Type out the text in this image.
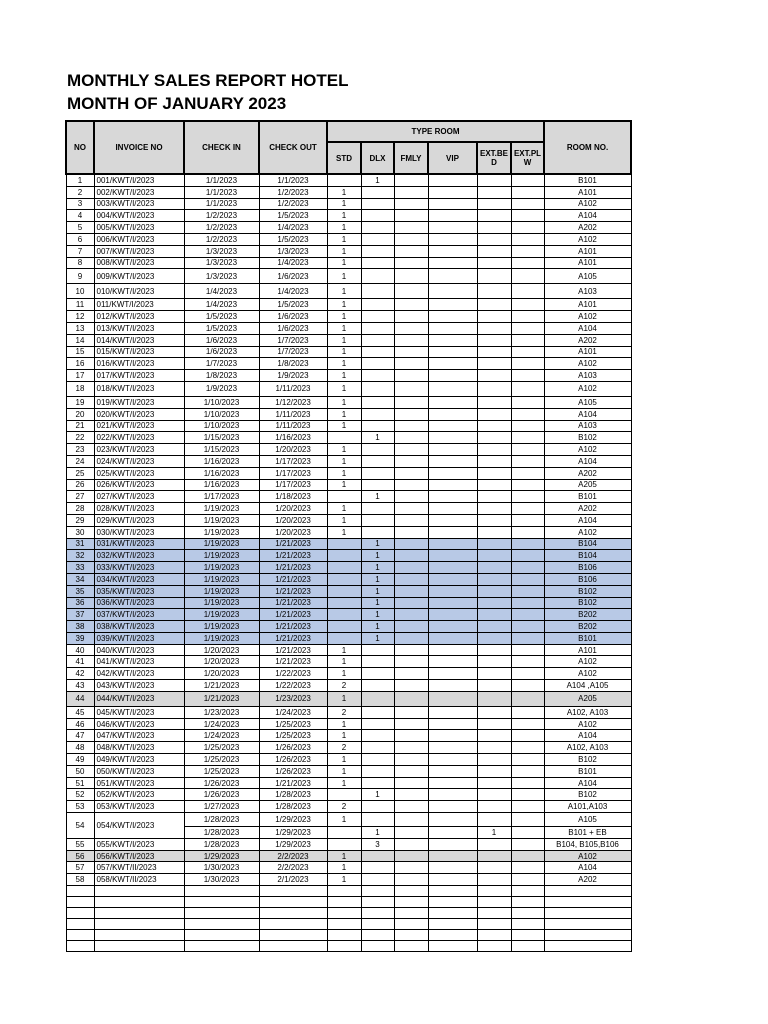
MONTHLY SALES REPORT HOTEL
MONTH OF JANUARY 2023
NO	INVOICE NO	CHECK IN	CHECK OUT	TYPE ROOM						ROOM NO.
				STD	DLX	FMLY	VIP	EXT.BE D	EXT.PL W	
1	001/KWT/I/2023	1/1/2023	1/1/2023		1					B101
2	002/KWT/I/2023	1/1/2023	1/2/2023	1						A101
3	003/KWT/I/2023	1/1/2023	1/2/2023	1						A102
4	004/KWT/I/2023	1/2/2023	1/5/2023	1						A104
5	005/KWT/I/2023	1/2/2023	1/4/2023	1						A202
6	006/KWT/I/2023	1/2/2023	1/5/2023	1						A102
7	007/KWT/I/2023	1/3/2023	1/3/2023	1						A101
8	008/KWT/I/2023	1/3/2023	1/4/2023	1						A101
9	009/KWT/I/2023	1/3/2023	1/6/2023	1						A105
10	010/KWT/I/2023	1/4/2023	1/4/2023	1						A103
11	011/KWT/I/2023	1/4/2023	1/5/2023	1						A101
12	012/KWT/I/2023	1/5/2023	1/6/2023	1						A102
13	013/KWT/I/2023	1/5/2023	1/6/2023	1						A104
14	014/KWT/I/2023	1/6/2023	1/7/2023	1						A202
15	015/KWT/I/2023	1/6/2023	1/7/2023	1						A101
16	016/KWT/I/2023	1/7/2023	1/8/2023	1						A102
17	017/KWT/I/2023	1/8/2023	1/9/2023	1						A103
18	018/KWT/I/2023	1/9/2023	1/11/2023	1						A102
19	019/KWT/I/2023	1/10/2023	1/12/2023	1						A105
20	020/KWT/I/2023	1/10/2023	1/11/2023	1						A104
21	021/KWT/I/2023	1/10/2023	1/11/2023	1						A103
22	022/KWT/I/2023	1/15/2023	1/16/2023		1					B102
23	023/KWT/I/2023	1/15/2023	1/20/2023	1						A102
24	024/KWT/I/2023	1/16/2023	1/17/2023	1						A104
25	025/KWT/I/2023	1/16/2023	1/17/2023	1						A202
26	026/KWT/I/2023	1/16/2023	1/17/2023	1						A205
27	027/KWT/I/2023	1/17/2023	1/18/2023		1					B101
28	028/KWT/I/2023	1/19/2023	1/20/2023	1						A202
29	029/KWT/I/2023	1/19/2023	1/20/2023	1						A104
30	030/KWT/I/2023	1/19/2023	1/20/2023	1						A102
31	031/KWT/I/2023	1/19/2023	1/21/2023		1					B104
32	032/KWT/I/2023	1/19/2023	1/21/2023		1					B104
33	033/KWT/I/2023	1/19/2023	1/21/2023		1					B106
34	034/KWT/I/2023	1/19/2023	1/21/2023		1					B106
35	035/KWT/I/2023	1/19/2023	1/21/2023		1					B102
36	036/KWT/I/2023	1/19/2023	1/21/2023		1					B102
37	037/KWT/I/2023	1/19/2023	1/21/2023		1					B202
38	038/KWT/I/2023	1/19/2023	1/21/2023		1					B202
39	039/KWT/I/2023	1/19/2023	1/21/2023		1					B101
40	040/KWT/I/2023	1/20/2023	1/21/2023	1						A101
41	041/KWT/I/2023	1/20/2023	1/21/2023	1						A102
42	042/KWT/I/2023	1/20/2023	1/22/2023	1						A102
43	043/KWT/I/2023	1/21/2023	1/22/2023	2						A104 ,A105
44	044/KWT/I/2023	1/21/2023	1/23/2023	1						A205
45	045/KWT/I/2023	1/23/2023	1/24/2023	2						A102, A103
46	046/KWT/I/2023	1/24/2023	1/25/2023	1						A102
47	047/KWT/I/2023	1/24/2023	1/25/2023	1						A104
48	048/KWT/I/2023	1/25/2023	1/26/2023	2						A102, A103
49	049/KWT/I/2023	1/25/2023	1/26/2023	1						B102
50	050/KWT/I/2023	1/25/2023	1/26/2023	1						B101
51	051/KWT/I/2023	1/26/2023	1/21/2023	1						A104
52	052/KWT/I/2023	1/26/2023	1/28/2023		1					B102
53	053/KWT/I/2023	1/27/2023	1/28/2023	2						A101,A103
54	054/KWT/I/2023	1/28/2023	1/29/2023	1						A105
		1/28/2023	1/29/2023		1			1		B101 + EB
55	055/KWT/I/2023	1/28/2023	1/29/2023		3					B104, B105,B106
56	056/KWT/I/2023	1/29/2023	2/2/2023	1						A102
57	057/KWT/II/2023	1/30/2023	2/2/2023	1						A104
58	058/KWT/II/2023	1/30/2023	2/1/2023	1						A202
